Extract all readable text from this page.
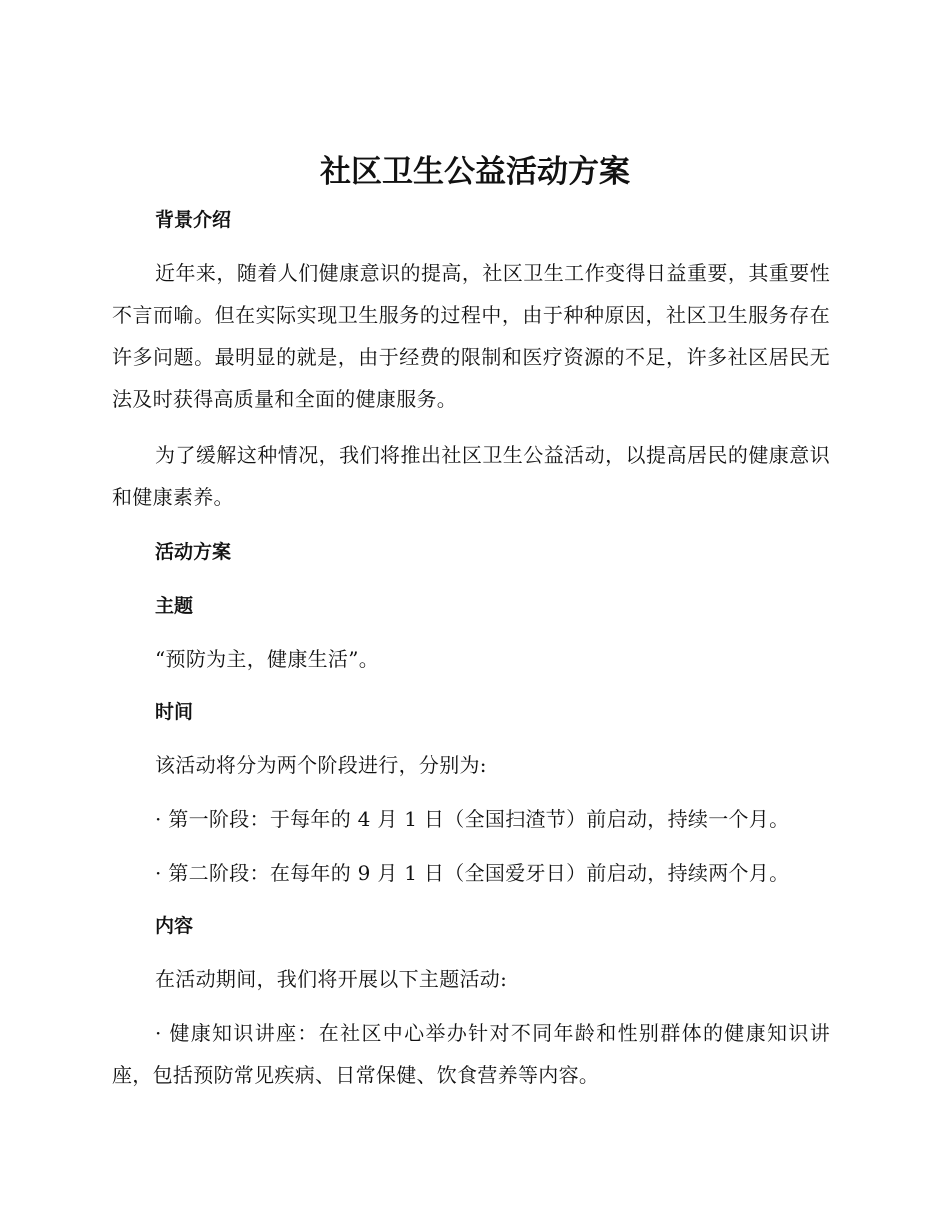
社区卫生公益活动方案

背景介绍

近年来，随着人们健康意识的提高，社区卫生工作变得日益重要，其重要性不言而喻。但在实际实现卫生服务的过程中，由于种种原因，社区卫生服务存在许多问题。最明显的就是，由于经费的限制和医疗资源的不足，许多社区居民无法及时获得高质量和全面的健康服务。

为了缓解这种情况，我们将推出社区卫生公益活动，以提高居民的健康意识和健康素养。

活动方案

主题

“预防为主，健康生活”。

时间

该活动将分为两个阶段进行，分别为:

· 第一阶段：于每年的 4 月 1 日（全国扫渣节）前启动，持续一个月。

· 第二阶段：在每年的 9 月 1 日（全国爱牙日）前启动，持续两个月。

内容

在活动期间，我们将开展以下主题活动:

· 健康知识讲座：在社区中心举办针对不同年龄和性别群体的健康知识讲座，包括预防常见疾病、日常保健、饮食营养等内容。
